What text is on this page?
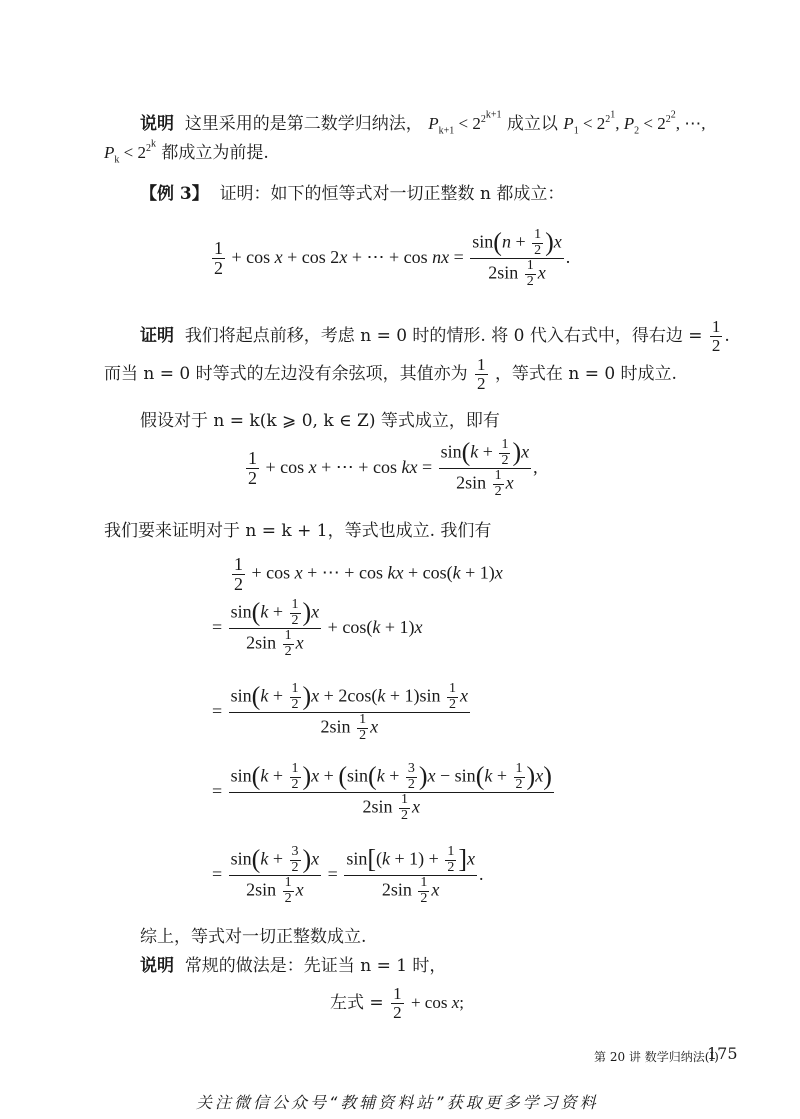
说明 这里采用的是第二数学归纳法， $P_{k+1} < 2^{2^{k+1}}$ 成立以 $P_1 < 2^{2^1}$, $P_2 < 2^{2^2}$, ⋯,
$P_k < 2^{2^k}$ 都成立为前提.
【例 3】 证明：如下的恒等式对一切正整数 n 都成立：
$\frac{1}{2} + \cos x + \cos 2x$ + ⋯ + cos nx = $\frac{\sin(n + \frac{1}{2} )x}{2\sin \frac{1}{2} x}$ .
证明 我们将起点前移，考虑 n = 0 时的情形. 将 0 代入右式中，得右边 = $\frac{1}{2}$ .
而当 n = 0 时等式的左边没有余弦项，其值亦为 $\frac{1}{2}$ ，等式在 n = 0 时成立.
假设对于 n = k(k ⩾ 0, k ∈ Z) 等式成立，即有
$\frac{1}{2} + \cos x$ + ⋯ + cos kx = $\frac{\sin(k + \frac{1}{2} )x}{2\sin \frac{1}{2} x}$ ,
我们要来证明对于 n = k + 1，等式也成立. 我们有
$\frac{1}{2} + \cos x$ + ⋯ + cos kx + cos(k + 1)x
= $\frac{\sin(k + \frac{1}{2} )x}{2\sin \frac{1}{2} x} + \cos(k + 1)x$
= $\frac{\sin(k + \frac{1}{2} )x + 2\cos(k + 1)\sin \frac{1}{2} x}{2\sin \frac{1}{2} x}$
= $\frac{\sin(k + \frac{1}{2} )x + (\sin(k + \frac{3}{2} )x - \sin(k + \frac{1}{2} )x)}{2\sin \frac{1}{2} x}$
= $\frac{\sin(k + \frac{3}{2} )x}{2\sin \frac{1}{2} x} = \frac{\sin[(k + 1) + \frac{1}{2} ]x}{2\sin \frac{1}{2} x}$ .
综上，等式对一切正整数成立.
说明 常规的做法是：先证当 n = 1 时，
左式 = $\frac{1}{2} + \cos x$;
第 20 讲 数学归纳法(Ⅰ)
175
关注微信公众号“教辅资料站”获取更多学习资料
